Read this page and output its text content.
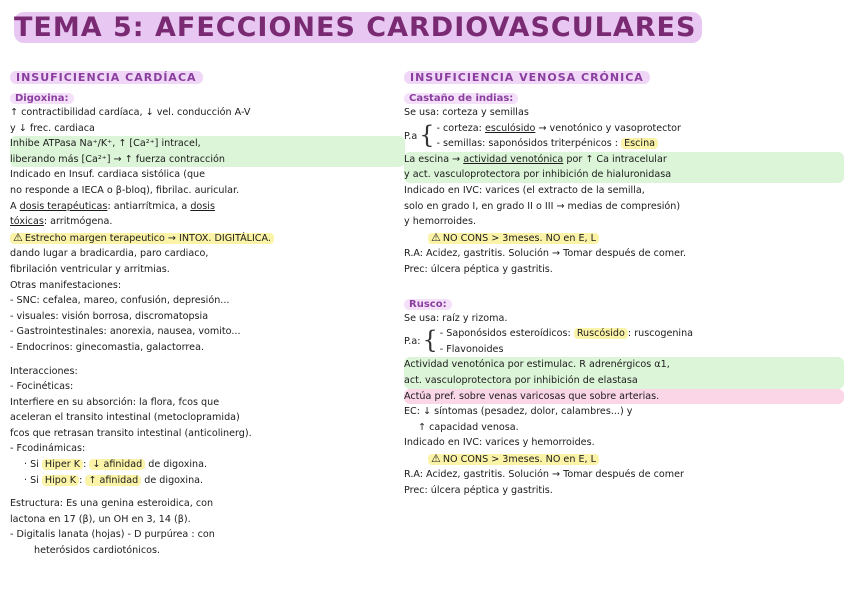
TEMA 5: AFECCIONES CARDIOVASCULARES
INSUFICIENCIA CARDÍACA
Digoxina:
↑ contractibilidad cardíaca, ↓ vel. conducción A-V
y ↓ frec. cardiaca
Inhibe ATPasa Na⁺/K⁺, ↑ [Ca²⁺] intracel,
liberando más [Ca²⁺] → ↑ fuerza contracción
Indicado en Insuf. cardiaca sistólica (que
no responde a IECA o β-bloq), fibrilac. auricular.
A dosis terapéuticas: antiarrítmica, a dosis
tóxicas: arritmógena.
⚠ Estrecho margen terapeutico → INTOX. DIGITÁLICA.
dando lugar a bradicardia, paro cardiaco,
fibrilación ventricular y arritmias.
Otras manifestaciones:
- SNC: cefalea, mareo, confusión, depresión...
- visuales: visión borrosa, discromatopsia
- Gastrointestinales: anorexia, nausea, vomito...
- Endocrinos: ginecomastia, galactorrea.
Interacciones:
- Focinéticas:
Interfiere en su absorción: la flora, fcos que
aceleran el transito intestinal (metoclopramida)
fcos que retrasan transito intestinal (anticolinerg).
- Fcodinámicas:
· Si Hiper K : ↓ afinidad de digoxina.
· Si Hipo K : ↑ afinidad de digoxina.
Estructura: Es una genina esteroidica, con
lactona en 17 (β), un OH en 3, 14 (β).
- Digitalis lanata (hojas) - D purpúrea : con
heterósidos cardiotónicos.
INSUFICIENCIA VENOSA CRÓNICA
Castaño de indias:
Se usa: corteza y semillas
P.a { - corteza: esculósido → venotónico y vasoprotector
- semillas: saponósidos triterpénicos : Escina
La escina → actividad venotónica por ↑ Ca intracelular
y act. vasculoprotectora por inhibición de hialuronidasa
Indicado en IVC: varices (el extracto de la semilla,
solo en grado I, en grado II o III → medias de compresión)
y hemorroides.
⚠ NO CONS > 3meses. NO en E, L
R.A: Acidez, gastritis. Solución → Tomar después de comer.
Prec: úlcera péptica y gastritis.
Rusco:
Se usa: raíz y rizoma.
P.a: { - Saponósidos esteroídicos: Ruscósido : ruscogenina
- Flavonoides
Actividad venotónica por estimulac. R adrenérgicos α1,
act. vasculoprotectora por inhibición de elastasa
Actúa pref. sobre venas varicosas que sobre arterias.
EC: ↓ síntomas (pesadez, dolor, calambres...) y
↑ capacidad venosa.
Indicado en IVC: varices y hemorroides.
⚠ NO CONS > 3meses. NO en E, L
R.A: Acidez, gastritis. Solución → Tomar después de comer
Prec: úlcera péptica y gastritis.
